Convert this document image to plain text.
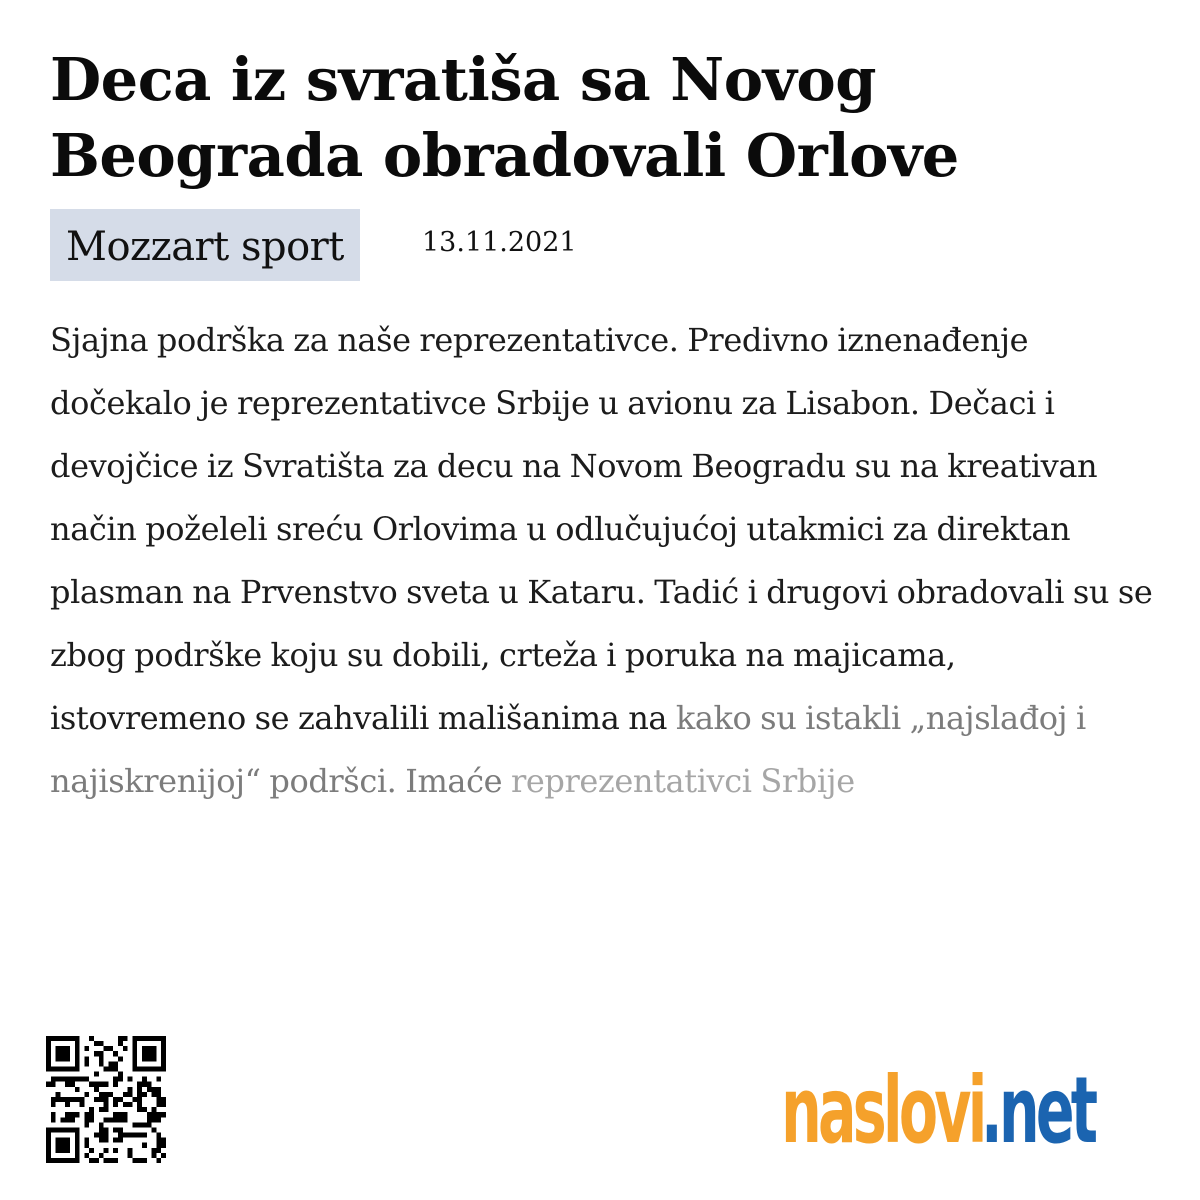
Deca iz svratiša sa Novog
Beograda obradovali Orlove
Mozzart sport	13.11.2021
Sjajna podrška za naše reprezentativce. Predivno iznenađenje dočekalo je reprezentativce Srbije u avionu za Lisabon. Dečaci i devojčice iz Svratišta za decu na Novom Beogradu su na kreativan način poželeli sreću Orlovima u odlučujućoj utakmici za direktan plasman na Prvenstvo sveta u Kataru. Tadić i drugovi obradovali su se zbog podrške koju su dobili, crteža i poruka na majicama, istovremeno se zahvalili mališanima na kako su istakli „najslađoj i najiskrenijoj“ podršci. Imaće reprezentativci Srbije
naslovi
.net
